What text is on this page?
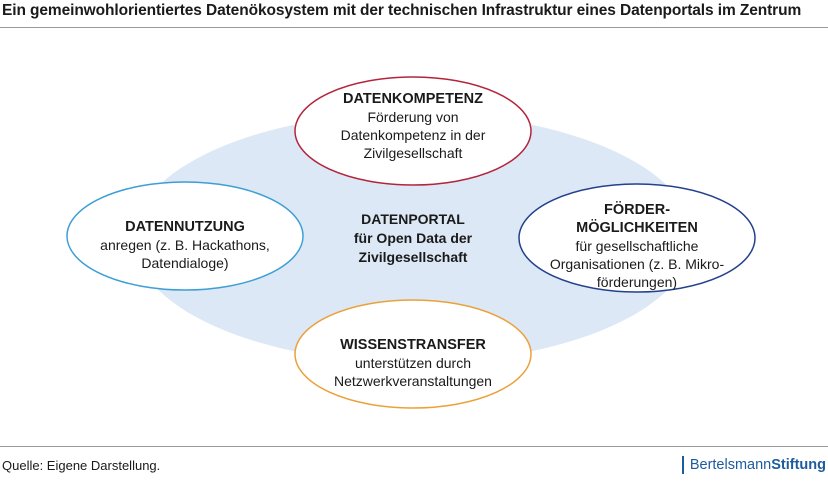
Ein gemeinwohlorientiertes Datenökosystem mit der technischen Infrastruktur eines Datenportals im Zentrum
DATENPORTAL
für Open Data der
Zivilgesellschaft
DATENKOMPETENZ
Förderung von
Datenkompetenz in der
Zivilgesellschaft
DATENNUTZUNG
anregen (z. B. Hackathons,
Datendialoge)
FÖRDER-
MÖGLICHKEITEN
für gesellschaftliche
Organisationen (z. B. Mikro-
förderungen)
WISSENSTRANSFER
unterstützen durch
Netzwerkveranstaltungen
Quelle: Eigene Darstellung.	Bertelsmann Stiftung
